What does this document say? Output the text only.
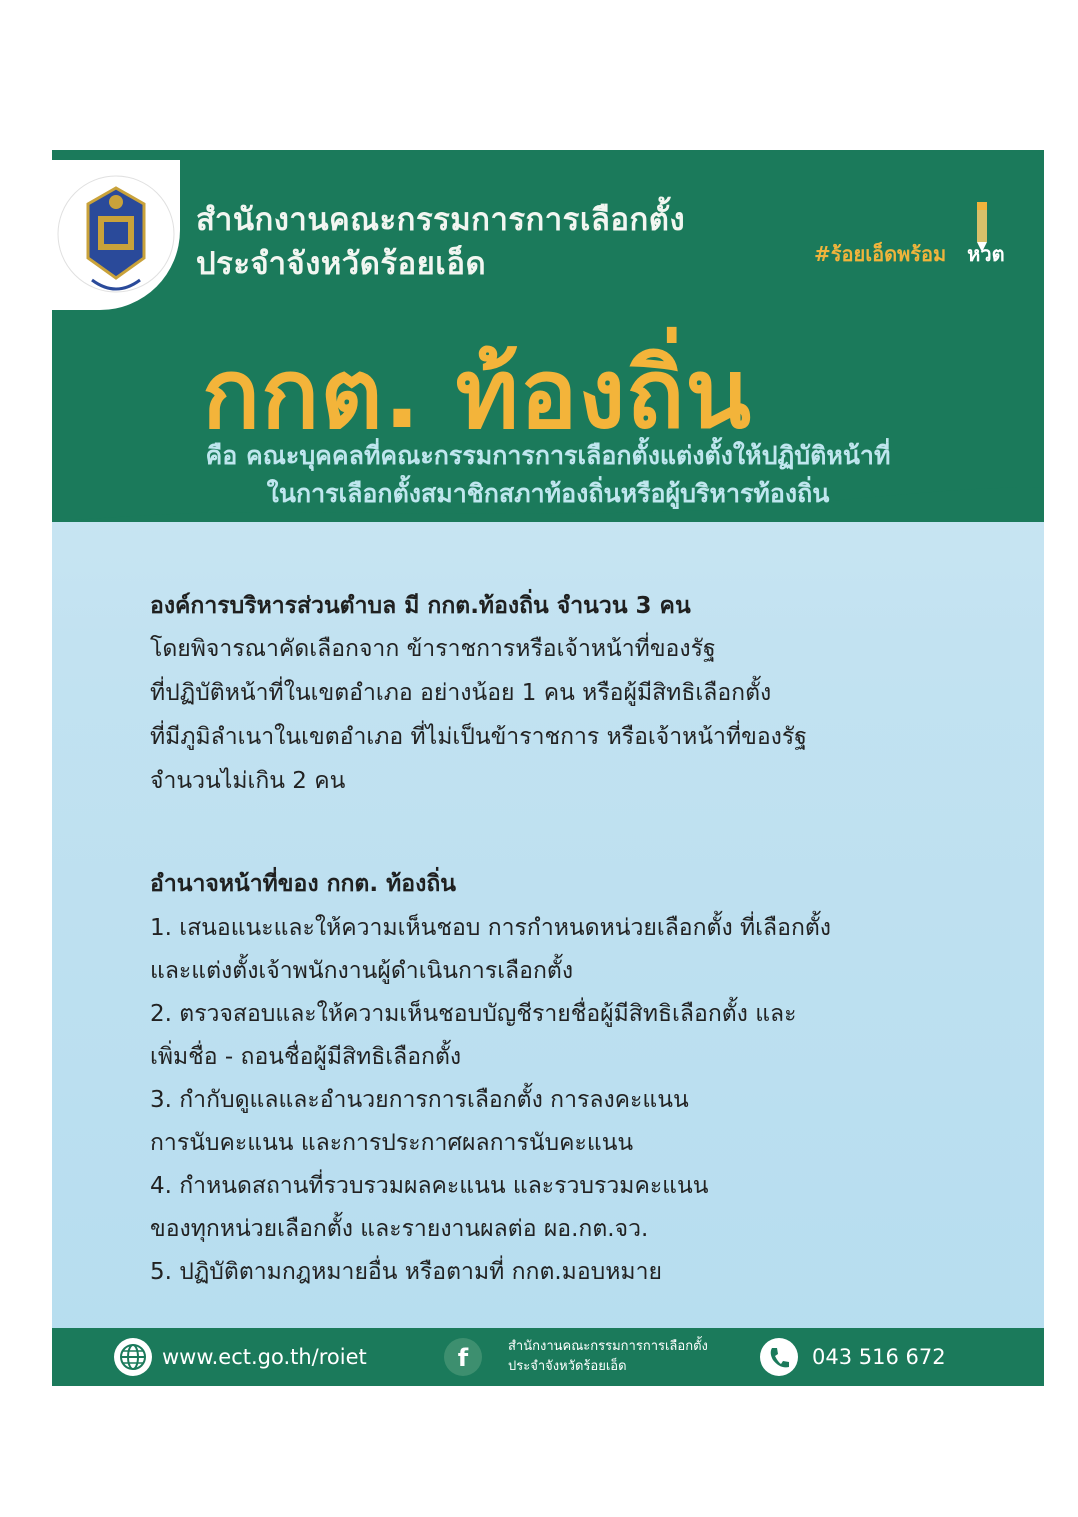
สำนักงานคณะกรรมการการเลือกตั้ง
ประจำจังหวัดร้อยเอ็ด	#ร้อยเอ็ดพร้อม หวต
กกต. ท้องถิ่น
คือ คณะบุคคลที่คณะกรรมการการเลือกตั้งแต่งตั้งให้ปฏิบัติหน้าที่
ในการเลือกตั้งสมาชิกสภาท้องถิ่นหรือผู้บริหารท้องถิ่น
องค์การบริหารส่วนตำบล มี กกต.ท้องถิ่น จำนวน 3 คน
โดยพิจารณาคัดเลือกจาก ข้าราชการหรือเจ้าหน้าที่ของรัฐ
ที่ปฏิบัติหน้าที่ในเขตอำเภอ อย่างน้อย 1 คน หรือผู้มีสิทธิเลือกตั้ง
ที่มีภูมิลำเนาในเขตอำเภอ ที่ไม่เป็นข้าราชการ หรือเจ้าหน้าที่ของรัฐ
จำนวนไม่เกิน 2 คน
อำนาจหน้าที่ของ กกต. ท้องถิ่น
1. เสนอแนะและให้ความเห็นชอบ การกำหนดหน่วยเลือกตั้ง ที่เลือกตั้ง
และแต่งตั้งเจ้าพนักงานผู้ดำเนินการเลือกตั้ง
2. ตรวจสอบและให้ความเห็นชอบบัญชีรายชื่อผู้มีสิทธิเลือกตั้ง และ
เพิ่มชื่อ - ถอนชื่อผู้มีสิทธิเลือกตั้ง
3. กำกับดูแลและอำนวยการการเลือกตั้ง การลงคะแนน
การนับคะแนน และการประกาศผลการนับคะแนน
4. กำหนดสถานที่รวบรวมผลคะแนน และรวบรวมคะแนน
ของทุกหน่วยเลือกตั้ง และรายงานผลต่อ ผอ.กต.จว.
5. ปฏิบัติตามกฎหมายอื่น หรือตามที่ กกต.มอบหมาย
www.ect.go.th/roiet	f	สำนักงานคณะกรรมการการเลือกตั้ง
ประจำจังหวัดร้อยเอ็ด	043 516 672
